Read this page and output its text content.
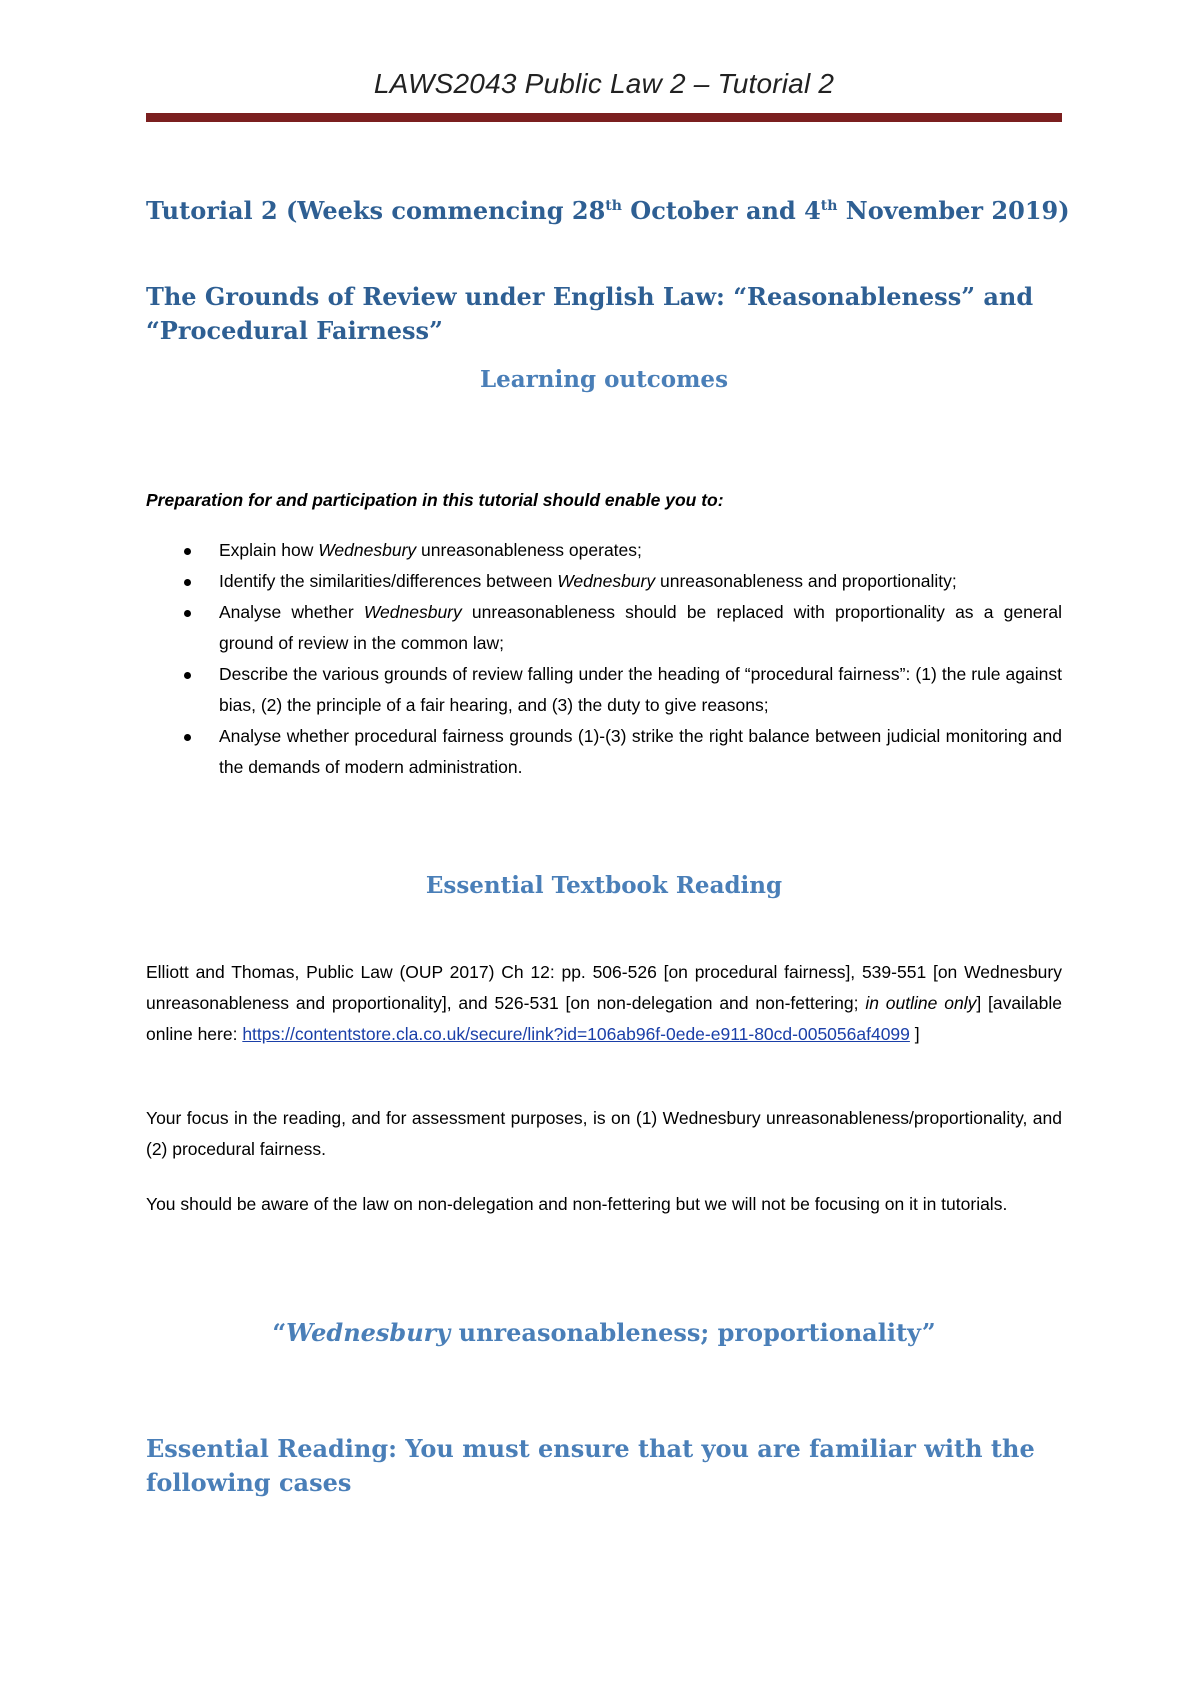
LAWS2043 Public Law 2 – Tutorial 2
Tutorial 2 (Weeks commencing 28th October and 4th November 2019)
The Grounds of Review under English Law: “Reasonableness” and “Procedural Fairness”
Learning outcomes
Preparation for and participation in this tutorial should enable you to:
Explain how Wednesbury unreasonableness operates;
Identify the similarities/differences between Wednesbury unreasonableness and proportionality;
Analyse whether Wednesbury unreasonableness should be replaced with proportionality as a general ground of review in the common law;
Describe the various grounds of review falling under the heading of “procedural fairness”: (1) the rule against bias, (2) the principle of a fair hearing, and (3) the duty to give reasons;
Analyse whether procedural fairness grounds (1)-(3) strike the right balance between judicial monitoring and the demands of modern administration.
Essential Textbook Reading
Elliott and Thomas, Public Law (OUP 2017) Ch 12: pp. 506-526 [on procedural fairness], 539-551 [on Wednesbury unreasonableness and proportionality], and 526-531 [on non-delegation and non-fettering; in outline only] [available online here: https://contentstore.cla.co.uk/secure/link?id=106ab96f-0ede-e911-80cd-005056af4099 ]
Your focus in the reading, and for assessment purposes, is on (1) Wednesbury unreasonableness/proportionality, and (2) procedural fairness.
You should be aware of the law on non-delegation and non-fettering but we will not be focusing on it in tutorials.
“Wednesbury unreasonableness; proportionality”
Essential Reading: You must ensure that you are familiar with the following cases
